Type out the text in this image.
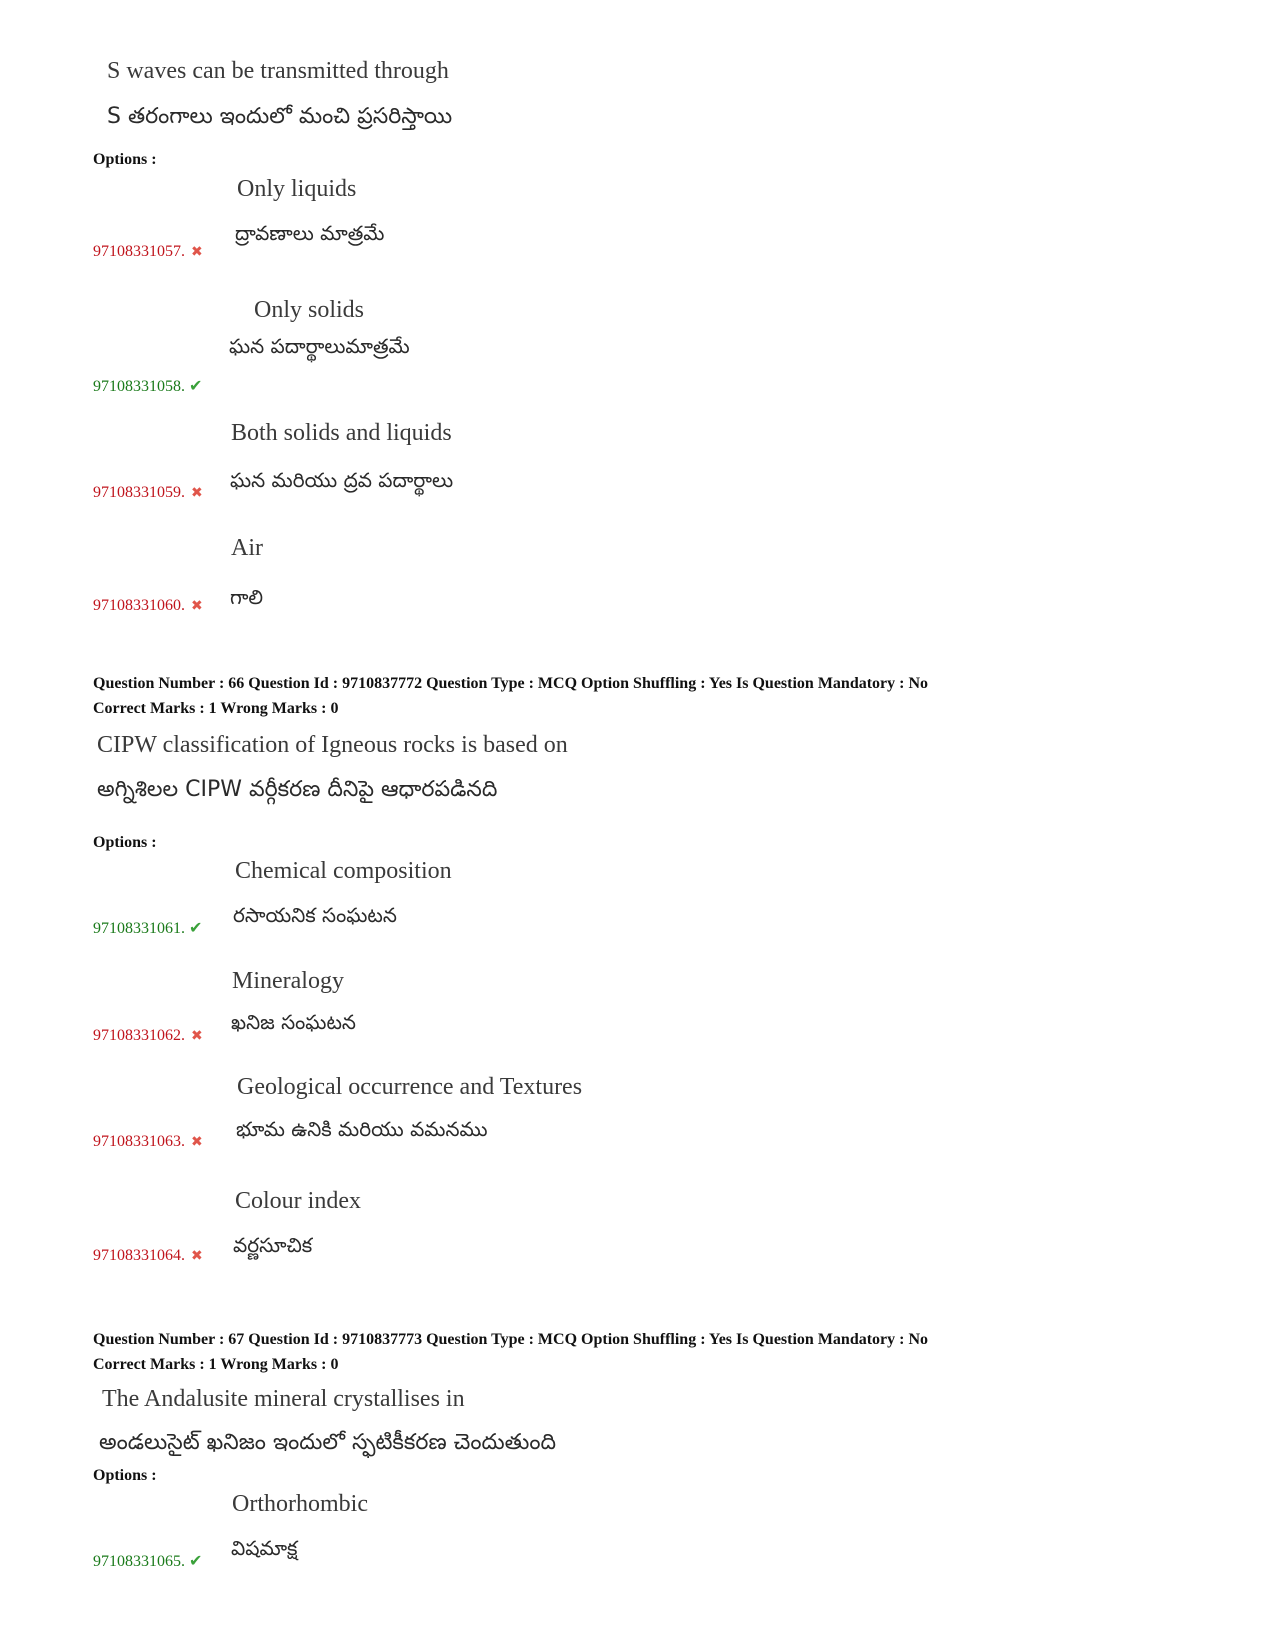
S waves can be transmitted through
S తరంగాలు ఇందులో మంచి ప్రసరిస్తాయి
Options :
Only liquids
ద్రావణాలు మాత్రమే
97108331057. ✖
Only solids
ఘన పదార్థాలుమాత్రమే
97108331058. ✔
Both solids and liquids
ఘన మరియు ద్రవ పదార్థాలు
97108331059. ✖
Air
గాలి
97108331060. ✖
Question Number : 66 Question Id : 9710837772 Question Type : MCQ Option Shuffling : Yes Is Question Mandatory : No
Correct Marks : 1 Wrong Marks : 0
CIPW classification of Igneous rocks is based on
అగ్నిశిలల CIPW వర్గీకరణ దీనిపై ఆధారపడినది
Options :
Chemical composition
రసాయనిక సంఘటన
97108331061. ✔
Mineralogy
ఖనిజ సంఘటన
97108331062. ✖
Geological occurrence and Textures
భూమ ఉనికి మరియు వమనము
97108331063. ✖
Colour index
వర్ణసూచిక
97108331064. ✖
Question Number : 67 Question Id : 9710837773 Question Type : MCQ Option Shuffling : Yes Is Question Mandatory : No
Correct Marks : 1 Wrong Marks : 0
The Andalusite mineral crystallises in
అండలుసైట్ ఖనిజం ఇందులో స్ఫటికీకరణ చెందుతుంది
Options :
Orthorhombic
విషమాక్ష
97108331065. ✔
